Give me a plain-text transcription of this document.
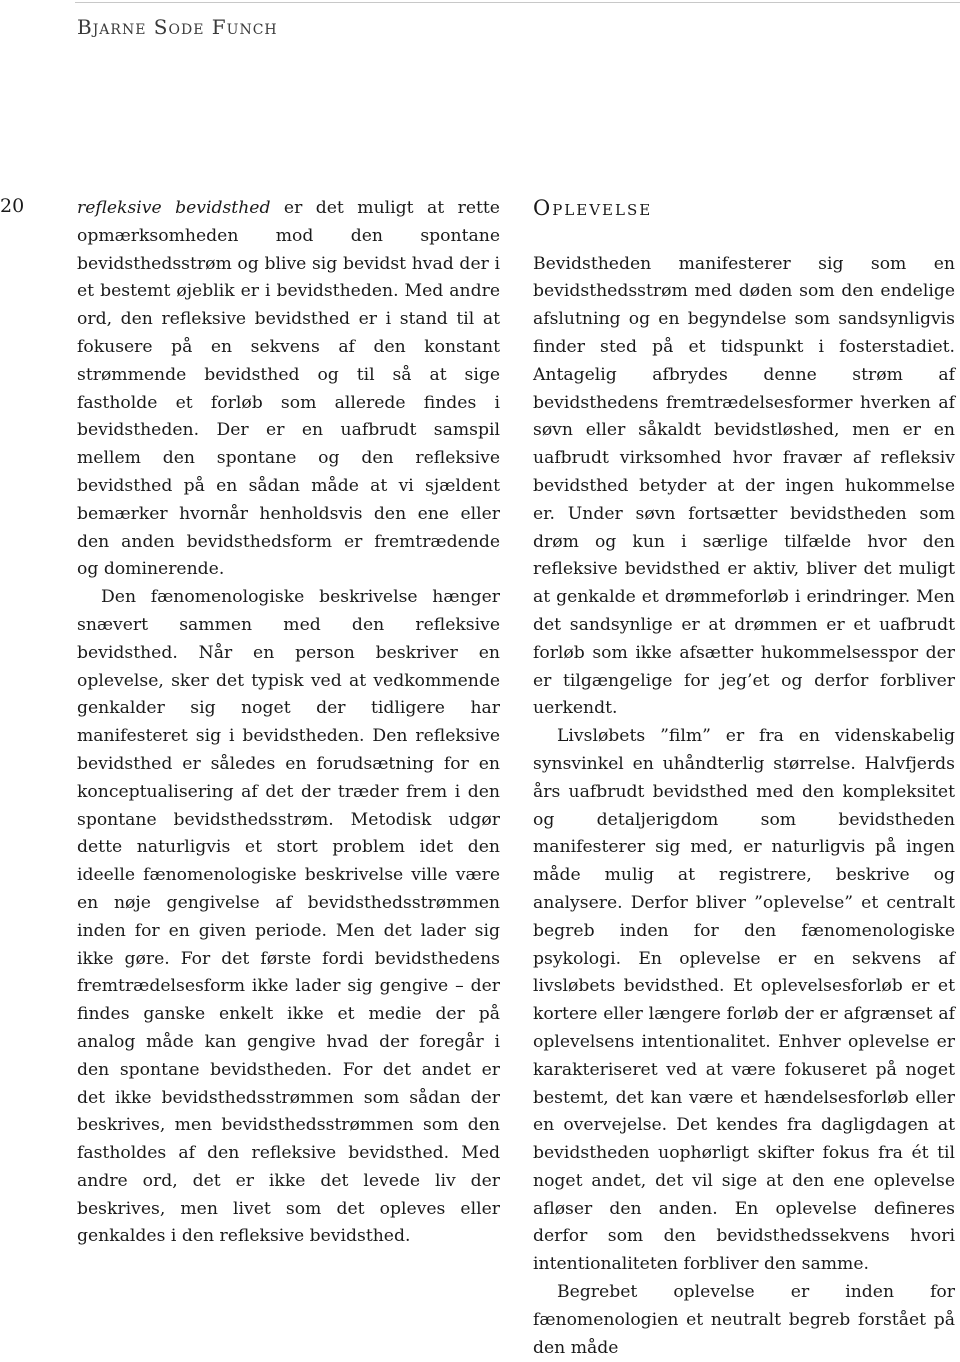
Bjarne Sode Funch
20	refleksive bevidsthed er det muligt at rette opmærksomheden mod den spontane bevidsthedsstrøm og blive sig bevidst hvad der i et bestemt øjeblik er i bevidstheden. Med andre ord, den refleksive bevidsthed er i stand til at fokusere på en sekvens af den konstant strømmende bevidsthed og til så at sige fastholde et forløb som allerede findes i bevidstheden. Der er en uafbrudt samspil mellem den spontane og den refleksive bevidsthed på en sådan måde at vi sjældent bemærker hvornår henholdsvis den ene eller den anden bevidsthedsform er fremtrædende og dominerende.

Den fænomenologiske beskrivelse hænger snævert sammen med den refleksive bevidsthed. Når en person beskriver en oplevelse, sker det typisk ved at vedkommende genkalder sig noget der tidligere har manifesteret sig i bevidstheden. Den refleksive bevidsthed er således en forudsætning for en konceptualisering af det der træder frem i den spontane bevidsthedsstrøm. Metodisk udgør dette naturligvis et stort problem idet den ideelle fænomenologiske beskrivelse ville være en nøje gengivelse af bevidsthedsstrømmen inden for en given periode. Men det lader sig ikke gøre. For det første fordi bevidsthedens fremtrædelsesform ikke lader sig gengive – der findes ganske enkelt ikke et medie der på analog måde kan gengive hvad der foregår i den spontane bevidstheden. For det andet er det ikke bevidsthedsstrømmen som sådan der beskrives, men bevidsthedsstrømmen som den fastholdes af den refleksive bevidsthed. Med andre ord, det er ikke det levede liv der beskrives, men livet som det opleves eller genkaldes i den refleksive bevidsthed.

Oplevelse

Bevidstheden manifesterer sig som en bevidsthedsstrøm med døden som den endelige afslutning og en begyndelse som sandsynligvis finder sted på et tidspunkt i fosterstadiet. Antagelig afbrydes denne strøm af bevidsthedens fremtrædelsesformer hverken af søvn eller såkaldt bevidstløshed, men er en uafbrudt virksomhed hvor fravær af refleksiv bevidsthed betyder at der ingen hukommelse er. Under søvn fortsætter bevidstheden som drøm og kun i særlige tilfælde hvor den refleksive bevidsthed er aktiv, bliver det muligt at genkalde et drømmeforløb i erindringer. Men det sandsynlige er at drømmen er et uafbrudt forløb som ikke afsætter hukommelsesspor der er tilgængelige for jeg’et og derfor forbliver uerkendt.

Livsløbets ”film” er fra en videnskabelig synsvinkel en uhåndterlig størrelse. Halvfjerds års uafbrudt bevidsthed med den kompleksitet og detaljerigdom som bevidstheden manifesterer sig med, er naturligvis på ingen måde mulig at registrere, beskrive og analysere. Derfor bliver ”oplevelse” et centralt begreb inden for den fænomenologiske psykologi. En oplevelse er en sekvens af livsløbets bevidsthed. Et oplevelsesforløb er et kortere eller længere forløb der er afgrænset af oplevelsens intentionalitet. Enhver oplevelse er karakteriseret ved at være fokuseret på noget bestemt, det kan være et hændelsesforløb eller en overvejelse. Det kendes fra dagligdagen at bevidstheden uophørligt skifter fokus fra ét til noget andet, det vil sige at den ene oplevelse afløser den anden. En oplevelse defineres derfor som den bevidsthedssekvens hvori intentionaliteten forbliver den samme.

Begrebet oplevelse er inden for fænomenologien et neutralt begreb forstået på den måde
